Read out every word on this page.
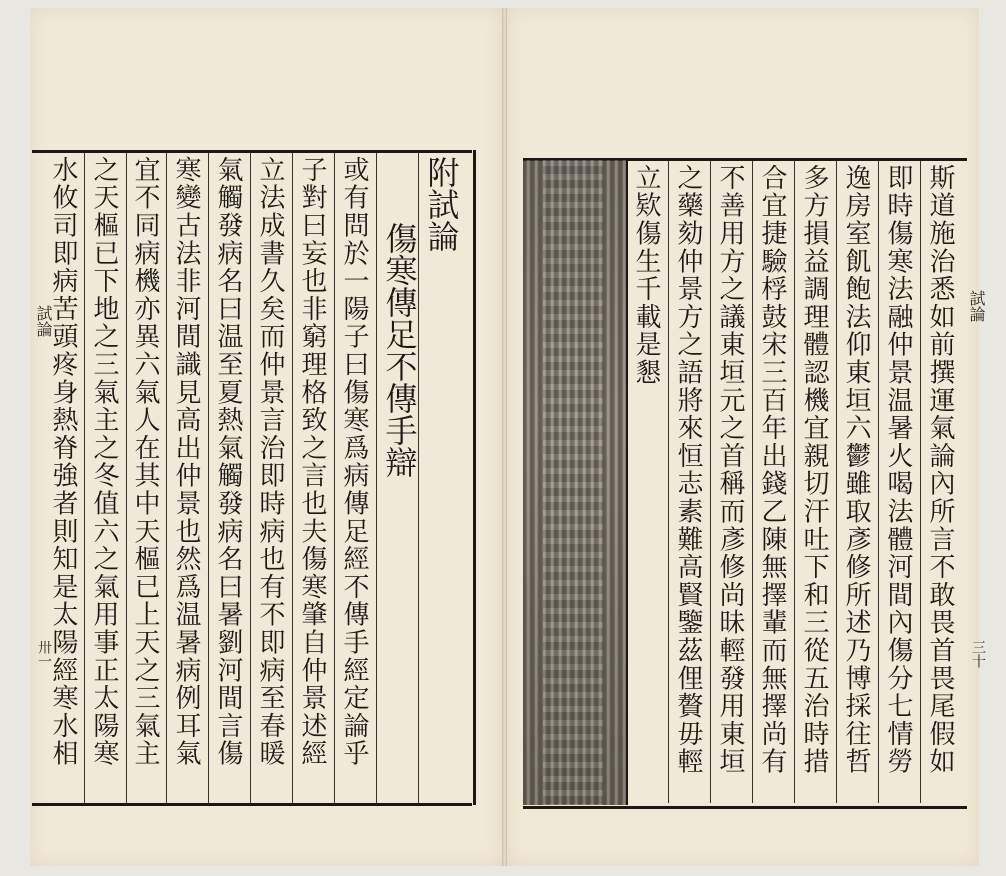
附試論
傷寒傳足不傳手辯
或有問於一陽子曰傷寒爲病傳足經不傳手經定論乎
子對曰妄也非窮理格致之言也夫傷寒肇自仲景述經
立法成書久矣而仲景言治即時病也有不即病至春暖
氣觸發病名曰温至夏熱氣觸發病名曰暑劉河間言傷
寒變古法非河間識見高出仲景也然爲温暑病例耳氣
宜不同病機亦異六氣人在其中天樞已上天之三氣主
之天樞已下地之三氣主之冬值六之氣用事正太陽寒
水攸司即病苦頭疼身熱脊強者則知是太陽經寒水相
試論	斯道施治悉如前撰運氣論內所言不敢畏首畏尾假如
即時傷寒法融仲景温暑火喝法體河間內傷分七情勞
逸房室飢飽法仰東垣六鬱雖取彥修所述乃博採往哲
多方損益調理體認機宜親切汗吐下和三從五治時措
合宜捷驗桴鼓宋三百年出錢乙陳無擇輩而無擇尚有
不善用方之議東垣元之首稱而彥修尚昧輕發用東垣
之藥劾仲景方之語將來恒志素難高賢鑒茲俚贅毋輕
立欵傷生千載是懇	試論
三十
卅一
